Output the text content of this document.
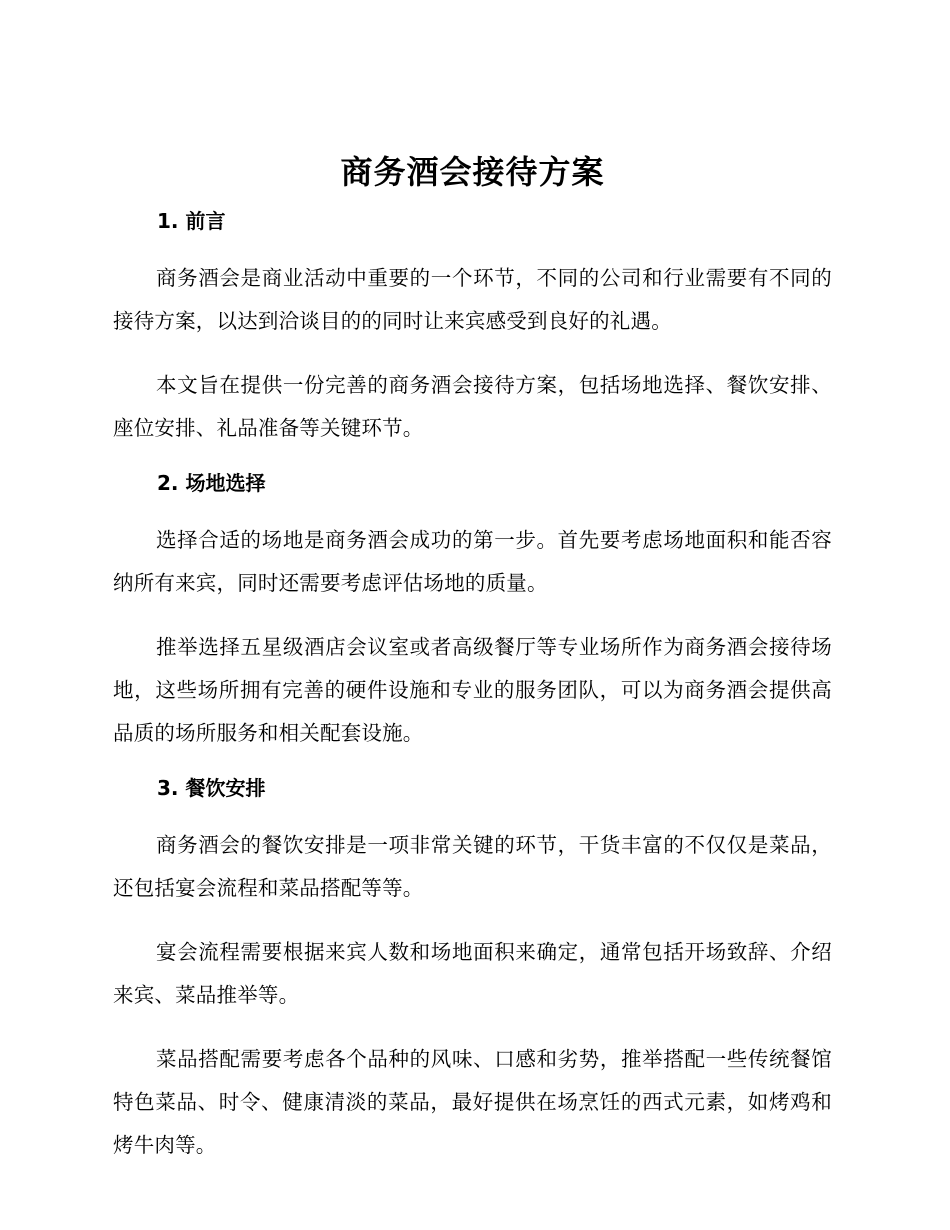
商务酒会接待方案
1. 前言

商务酒会是商业活动中重要的一个环节，不同的公司和行业需要有不同的接待方案，以达到洽谈目的的同时让来宾感受到良好的礼遇。

本文旨在提供一份完善的商务酒会接待方案，包括场地选择、餐饮安排、座位安排、礼品准备等关键环节。

2. 场地选择

选择合适的场地是商务酒会成功的第一步。首先要考虑场地面积和能否容纳所有来宾，同时还需要考虑评估场地的质量。

推举选择五星级酒店会议室或者高级餐厅等专业场所作为商务酒会接待场地，这些场所拥有完善的硬件设施和专业的服务团队，可以为商务酒会提供高品质的场所服务和相关配套设施。

3. 餐饮安排

商务酒会的餐饮安排是一项非常关键的环节，干货丰富的不仅仅是菜品，还包括宴会流程和菜品搭配等等。

宴会流程需要根据来宾人数和场地面积来确定，通常包括开场致辞、介绍来宾、菜品推举等。

菜品搭配需要考虑各个品种的风味、口感和劣势，推举搭配一些传统餐馆特色菜品、时令、健康清淡的菜品，最好提供在场烹饪的西式元素，如烤鸡和烤牛肉等。
